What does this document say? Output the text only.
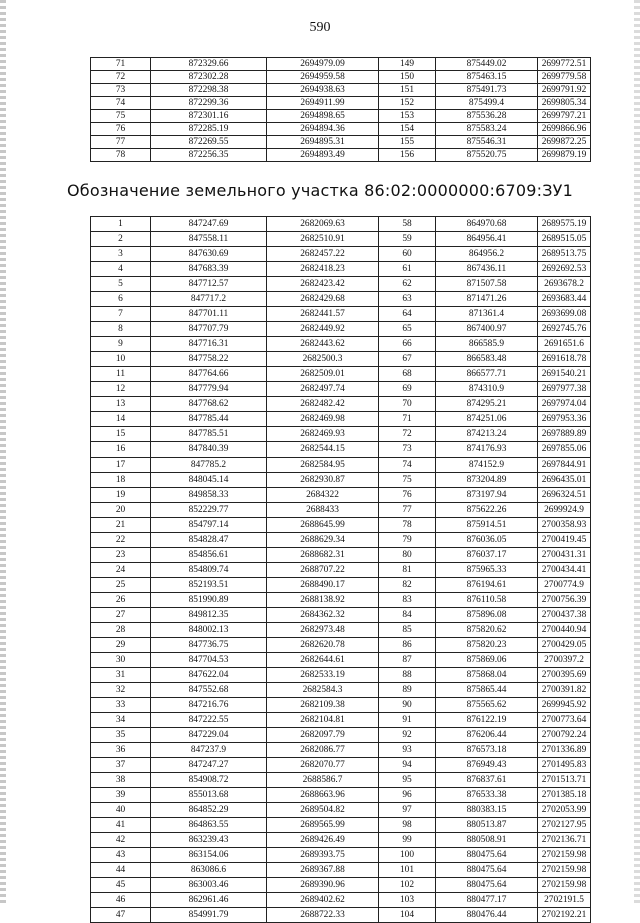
590
71	872329.66	2694979.09	149	875449.02	2699772.51
72	872302.28	2694959.58	150	875463.15	2699779.58
73	872298.38	2694938.63	151	875491.73	2699791.92
74	872299.36	2694911.99	152	875499.4	2699805.34
75	872301.16	2694898.65	153	875536.28	2699797.21
76	872285.19	2694894.36	154	875583.24	2699866.96
77	872269.55	2694895.31	155	875546.31	2699872.25
78	872256.35	2694893.49	156	875520.75	2699879.19
Обозначение земельного участка 86:02:0000000:6709:ЗУ1
1	847247.69	2682069.63	58	864970.68	2689575.19
2	847558.11	2682510.91	59	864956.41	2689515.05
3	847630.69	2682457.22	60	864956.2	2689513.75
4	847683.39	2682418.23	61	867436.11	2692692.53
5	847712.57	2682423.42	62	871507.58	2693678.2
6	847717.2	2682429.68	63	871471.26	2693683.44
7	847701.11	2682441.57	64	871361.4	2693699.08
8	847707.79	2682449.92	65	867400.97	2692745.76
9	847716.31	2682443.62	66	866585.9	2691651.6
10	847758.22	2682500.3	67	866583.48	2691618.78
11	847764.66	2682509.01	68	866577.71	2691540.21
12	847779.94	2682497.74	69	874310.9	2697977.38
13	847768.62	2682482.42	70	874295.21	2697974.04
14	847785.44	2682469.98	71	874251.06	2697953.36
15	847785.51	2682469.93	72	874213.24	2697889.89
16	847840.39	2682544.15	73	874176.93	2697855.06
17	847785.2	2682584.95	74	874152.9	2697844.91
18	848045.14	2682930.87	75	873204.89	2696435.01
19	849858.33	2684322	76	873197.94	2696324.51
20	852229.77	2688433	77	875622.26	2699924.9
21	854797.14	2688645.99	78	875914.51	2700358.93
22	854828.47	2688629.34	79	876036.05	2700419.45
23	854856.61	2688682.31	80	876037.17	2700431.31
24	854809.74	2688707.22	81	875965.33	2700434.41
25	852193.51	2688490.17	82	876194.61	2700774.9
26	851990.89	2688138.92	83	876110.58	2700756.39
27	849812.35	2684362.32	84	875896.08	2700437.38
28	848002.13	2682973.48	85	875820.62	2700440.94
29	847736.75	2682620.78	86	875820.23	2700429.05
30	847704.53	2682644.61	87	875869.06	2700397.2
31	847622.04	2682533.19	88	875868.04	2700395.69
32	847552.68	2682584.3	89	875865.44	2700391.82
33	847216.76	2682109.38	90	875565.62	2699945.92
34	847222.55	2682104.81	91	876122.19	2700773.64
35	847229.04	2682097.79	92	876206.44	2700792.24
36	847237.9	2682086.77	93	876573.18	2701336.89
37	847247.27	2682070.77	94	876949.43	2701495.83
38	854908.72	2688586.7	95	876837.61	2701513.71
39	855013.68	2688663.96	96	876533.38	2701385.18
40	864852.29	2689504.82	97	880383.15	2702053.99
41	864863.55	2689565.99	98	880513.87	2702127.95
42	863239.43	2689426.49	99	880508.91	2702136.71
43	863154.06	2689393.75	100	880475.64	2702159.98
44	863086.6	2689367.88	101	880475.64	2702159.98
45	863003.46	2689390.96	102	880475.64	2702159.98
46	862961.46	2689402.62	103	880477.17	2702191.5
47	854991.79	2688722.33	104	880476.44	2702192.21
